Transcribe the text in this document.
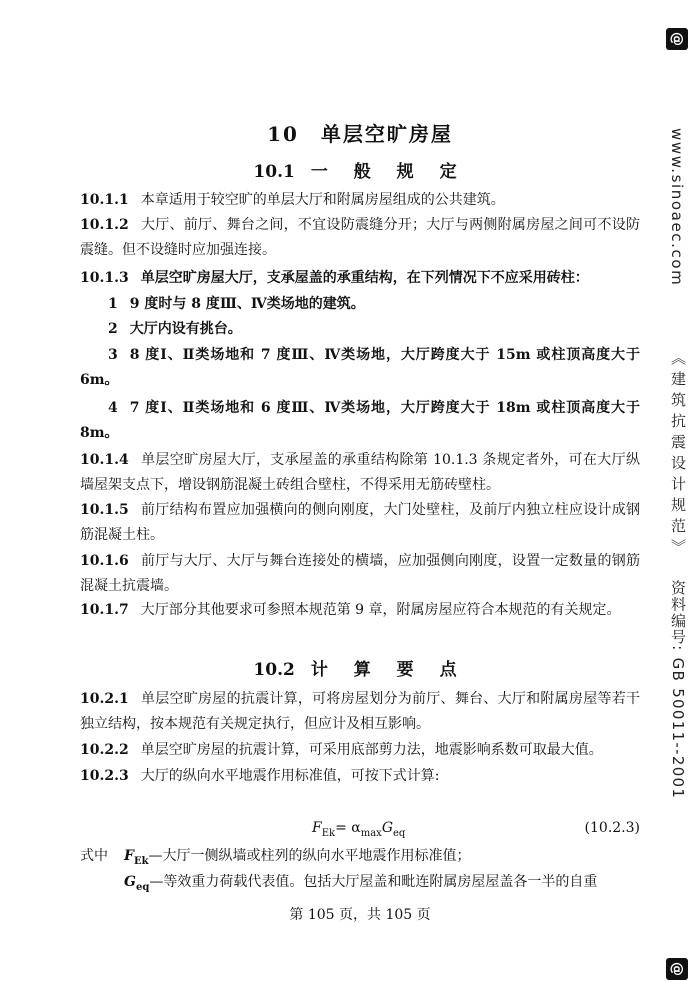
@
www.sinoaec.com
《建筑抗震设计规范》
资料编号: GB 50011--2001
@
10　单层空旷房屋
10.1 一 般 规 定
10.1.1 本章适用于较空旷的单层大厅和附属房屋组成的公共建筑。
10.1.2 大厅、前厅、舞台之间，不宜设防震缝分开；大厅与两侧附属房屋之间可不设防震缝。但不设缝时应加强连接。
10.1.3 单层空旷房屋大厅，支承屋盖的承重结构，在下列情况下不应采用砖柱：
1 9 度时与 8 度Ⅲ、Ⅳ类场地的建筑。
2 大厅内设有挑台。
3 8 度Ⅰ、Ⅱ类场地和 7 度Ⅲ、Ⅳ类场地，大厅跨度大于 15m 或柱顶高度大于 6m。
4 7 度Ⅰ、Ⅱ类场地和 6 度Ⅲ、Ⅳ类场地，大厅跨度大于 18m 或柱顶高度大于 8m。
10.1.4 单层空旷房屋大厅，支承屋盖的承重结构除第 10.1.3 条规定者外，可在大厅纵墙屋架支点下，增设钢筋混凝土砖组合壁柱，不得采用无筋砖壁柱。
10.1.5 前厅结构布置应加强横向的侧向刚度，大门处壁柱，及前厅内独立柱应设计成钢筋混凝土柱。
10.1.6 前厅与大厅、大厅与舞台连接处的横墙，应加强侧向刚度，设置一定数量的钢筋混凝土抗震墙。
10.1.7 大厅部分其他要求可参照本规范第 9 章，附属房屋应符合本规范的有关规定。
10.2 计 算 要 点
10.2.1 单层空旷房屋的抗震计算，可将房屋划分为前厅、舞台、大厅和附属房屋等若干独立结构，按本规范有关规定执行，但应计及相互影响。
10.2.2 单层空旷房屋的抗震计算，可采用底部剪力法，地震影响系数可取最大值。
10.2.3 大厅的纵向水平地震作用标准值，可按下式计算:
$F_{Ek}= \alpha_{max}G_{eq}$	(10.2.3)
式中 $F_{Ek}—$大厅一侧纵墙或柱列的纵向水平地震作用标准值；
$G_{eq}—$等效重力荷载代表值。包括大厅屋盖和毗连附属房屋屋盖各一半的自重
第 105 页，共 105 页
